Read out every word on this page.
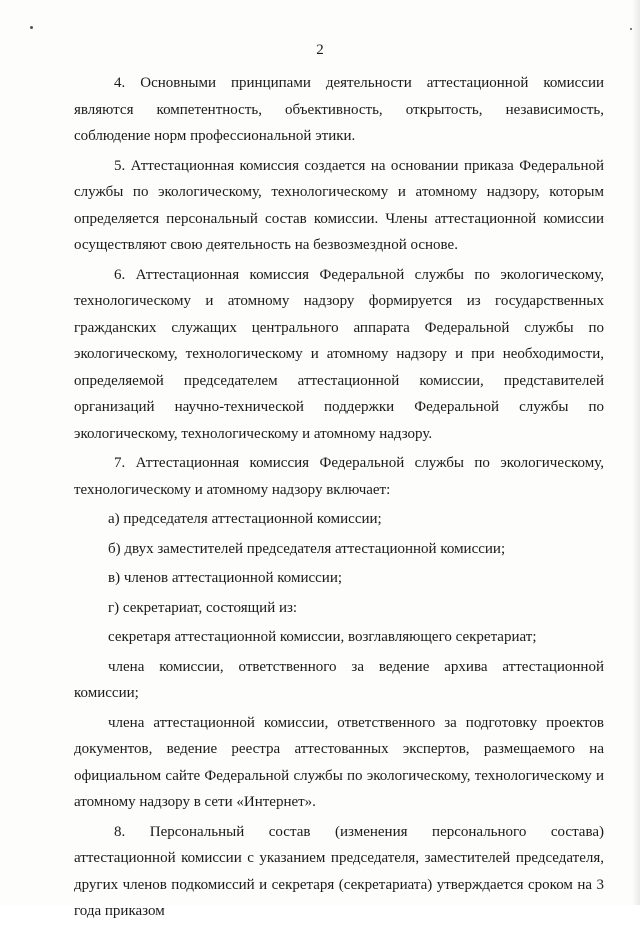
2

4. Основными принципами деятельности аттестационной комиссии являются компетентность, объективность, открытость, независимость, соблюдение норм профессиональной этики.

5. Аттестационная комиссия создается на основании приказа Федеральной службы по экологическому, технологическому и атомному надзору, которым определяется персональный состав комиссии. Члены аттестационной комиссии осуществляют свою деятельность на безвозмездной основе.

6. Аттестационная комиссия Федеральной службы по экологическому, технологическому и атомному надзору формируется из государственных гражданских служащих центрального аппарата Федеральной службы по экологическому, технологическому и атомному надзору и при необходимости, определяемой председателем аттестационной комиссии, представителей организаций научно-технической поддержки Федеральной службы по экологическому, технологическому и атомному надзору.

7. Аттестационная комиссия Федеральной службы по экологическому, технологическому и атомному надзору включает:

а) председателя аттестационной комиссии;

б) двух заместителей председателя аттестационной комиссии;

в) членов аттестационной комиссии;

г) секретариат, состоящий из:

секретаря аттестационной комиссии, возглавляющего секретариат;

члена комиссии, ответственного за ведение архива аттестационной комиссии;

члена аттестационной комиссии, ответственного за подготовку проектов документов, ведение реестра аттестованных экспертов, размещаемого на официальном сайте Федеральной службы по экологическому, технологическому и атомному надзору в сети «Интернет».

8. Персональный состав (изменения персонального состава) аттестационной комиссии с указанием председателя, заместителей председателя, других членов подкомиссий и секретаря (секретариата) утверждается сроком на 3 года приказом
